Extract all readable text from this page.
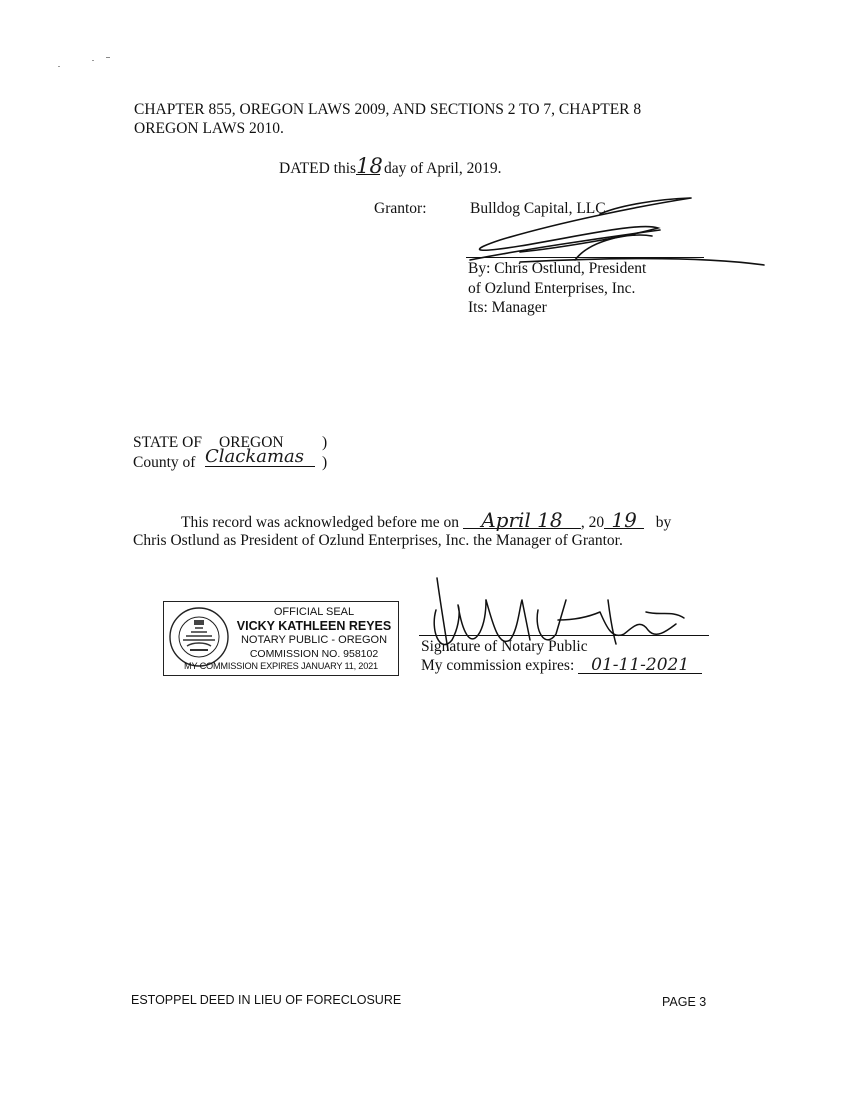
CHAPTER 855, OREGON LAWS 2009, AND SECTIONS 2 TO 7, CHAPTER 8
OREGON LAWS 2010.
DATED this18 day of April, 2019.
Grantor:	Bulldog Capital, LLC
By: Chris Ostlund, President
of Ozlund Enterprises, Inc.
Its: Manager
STATE OF OREGON )
County of Clackamas	)
This record was acknowledged before me on April 18 , 20 19 by
Chris Ostlund as President of Ozlund Enterprises, Inc. the Manager of Grantor.
OFFICIAL SEAL
VICKY KATHLEEN REYES
NOTARY PUBLIC - OREGON
COMMISSION NO. 958102
MY COMMISSION EXPIRES JANUARY 11, 2021
Signature of Notary Public
My commission expires: 01-11-2021
ESTOPPEL DEED IN LIEU OF FORECLOSURE	PAGE 3
